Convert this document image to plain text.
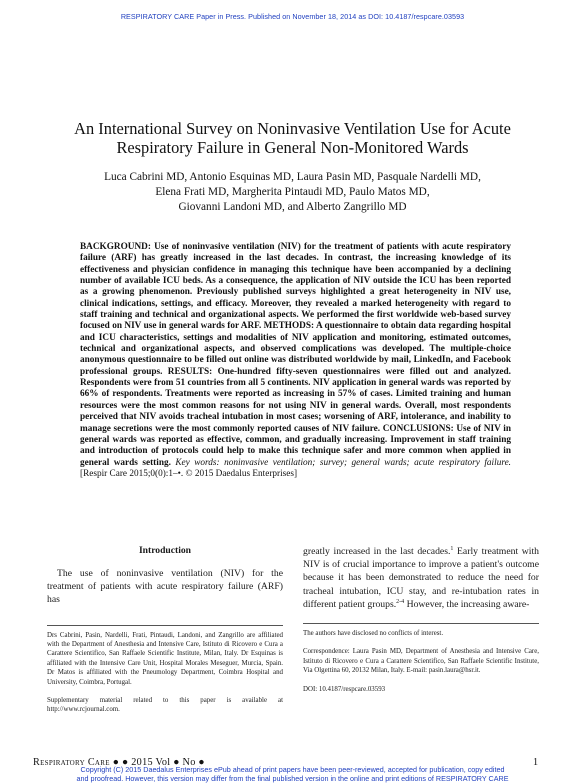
RESPIRATORY CARE Paper in Press. Published on November 18, 2014 as DOI: 10.4187/respcare.03593
An International Survey on Noninvasive Ventilation Use for Acute
Respiratory Failure in General Non-Monitored Wards
Luca Cabrini MD, Antonio Esquinas MD, Laura Pasin MD, Pasquale Nardelli MD,
Elena Frati MD, Margherita Pintaudi MD, Paulo Matos MD,
Giovanni Landoni MD, and Alberto Zangrillo MD
BACKGROUND: Use of noninvasive ventilation (NIV) for the treatment of patients with acute respiratory failure (ARF) has greatly increased in the last decades. In contrast, the increasing knowledge of its effectiveness and physician confidence in managing this technique have been accompanied by a declining number of available ICU beds. As a consequence, the application of NIV outside the ICU has been reported as a growing phenomenon. Previously published surveys highlighted a great heterogeneity in NIV use, clinical indications, settings, and efficacy. Moreover, they revealed a marked heterogeneity with regard to staff training and technical and organizational aspects. We performed the first worldwide web-based survey focused on NIV use in general wards for ARF. METHODS: A questionnaire to obtain data regarding hospital and ICU characteristics, settings and modalities of NIV application and monitoring, estimated outcomes, technical and organizational aspects, and observed complications was developed. The multiple-choice anonymous questionnaire to be filled out online was distributed worldwide by mail, LinkedIn, and Facebook professional groups. RESULTS: One-hundred fifty-seven questionnaires were filled out and analyzed. Respondents were from 51 countries from all 5 continents. NIV application in general wards was reported by 66% of respondents. Treatments were reported as increasing in 57% of cases. Limited training and human resources were the most common reasons for not using NIV in general wards. Overall, most respondents perceived that NIV avoids tracheal intubation in most cases; worsening of ARF, intolerance, and inability to manage secretions were the most commonly reported causes of NIV failure. CONCLUSIONS: Use of NIV in general wards was reported as effective, common, and gradually increasing. Improvement in staff training and introduction of protocols could help to make this technique safer and more common when applied in general wards setting. Key words: noninvasive ventilation; survey; general wards; acute respiratory failure. [Respir Care 2015;0(0):1–•. © 2015 Daedalus Enterprises]
Introduction

The use of noninvasive ventilation (NIV) for the treatment of patients with acute respiratory failure (ARF) has

Drs Cabrini, Pasin, Nardelli, Frati, Pintaudi, Landoni, and Zangrillo are affiliated with the Department of Anesthesia and Intensive Care, Istituto di Ricovero e Cura a Carattere Scientifico, San Raffaele Scientific Institute, Milan, Italy. Dr Esquinas is affiliated with the Intensive Care Unit, Hospital Morales Meseguer, Murcia, Spain. Dr Matos is affiliated with the Pneumology Department, Coimbra Hospital and University, Coimbra, Portugal.

Supplementary material related to this paper is available at http://www.rcjournal.com.

greatly increased in the last decades.$^1$ Early treatment with NIV is of crucial importance to improve a patient's outcome because it has been demonstrated to reduce the need for tracheal intubation, ICU stay, and re-intubation rates in different patient groups.$^{2-4}$ However, the increasing aware-

The authors have disclosed no conflicts of interest.

Correspondence: Laura Pasin MD, Department of Anesthesia and Intensive Care, Istituto di Ricovero e Cura a Carattere Scientifico, San Raffaele Scientific Institute, Via Olgettina 60, 20132 Milan, Italy. E-mail: pasin.laura@hsr.it.

DOI: 10.4187/respcare.03593

Respiratory Care ● ● 2015 Vol ● No ●	1
Copyright (C) 2015 Daedalus Enterprises ePub ahead of print papers have been peer-reviewed, accepted for publication, copy edited
and proofread. However, this version may differ from the final published version in the online and print editions of RESPIRATORY CARE
